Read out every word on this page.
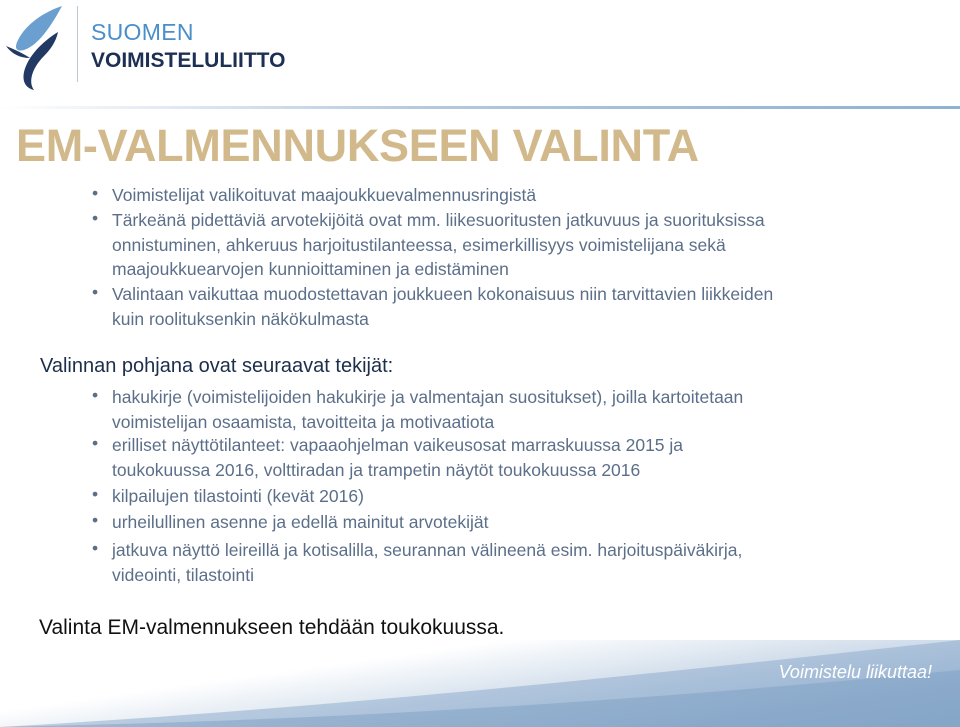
SUOMEN
VOIMISTELULIITTO
EM-VALMENNUKSEEN VALINTA
• Voimistelijat valikoituvat maajoukkuevalmennusringistä
• Tärkeänä pidettäviä arvotekijöitä ovat mm. liikesuoritusten jatkuvuus ja suorituksissa
onnistuminen, ahkeruus harjoitustilanteessa, esimerkillisyys voimistelijana sekä
maajoukkuearvojen kunnioittaminen ja edistäminen
• Valintaan vaikuttaa muodostettavan joukkueen kokonaisuus niin tarvittavien liikkeiden
kuin roolituksenkin näkökulmasta
Valinnan pohjana ovat seuraavat tekijät:
• hakukirje (voimistelijoiden hakukirje ja valmentajan suositukset), joilla kartoitetaan
voimistelijan osaamista, tavoitteita ja motivaatiota
• erilliset näyttötilanteet: vapaaohjelman vaikeusosat marraskuussa 2015 ja
toukokuussa 2016, volttiradan ja trampetin näytöt toukokuussa 2016
• kilpailujen tilastointi (kevät 2016)
• urheilullinen asenne ja edellä mainitut arvotekijät
• jatkuva näyttö leireillä ja kotisalilla, seurannan välineenä esim. harjoituspäiväkirja,
videointi, tilastointi
Valinta EM-valmennukseen tehdään toukokuussa.
Voimistelu liikuttaa!
